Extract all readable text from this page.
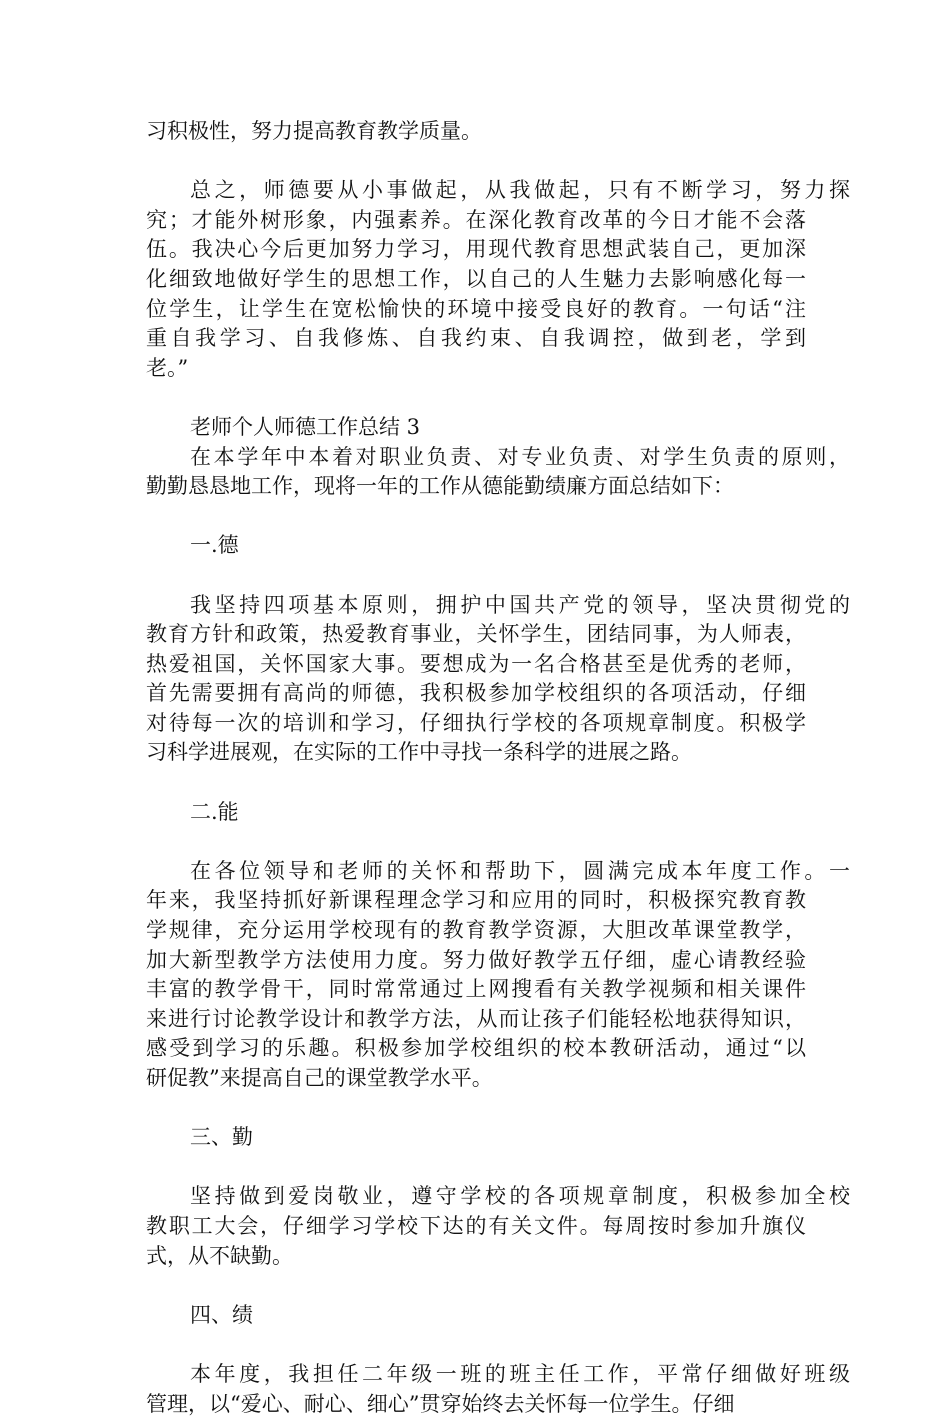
习积极性，努力提高教育教学质量。
总之，师德要从小事做起，从我做起，只有不断学习，努力探
究；才能外树形象，内强素养。在深化教育改革的今日才能不会落
伍。我决心今后更加努力学习，用现代教育思想武装自己，更加深
化细致地做好学生的思想工作，以自己的人生魅力去影响感化每一
位学生，让学生在宽松愉快的环境中接受良好的教育。一句话“注
重自我学习、自我修炼、自我约束、自我调控，做到老，学到
老。”
老师个人师德工作总结 3
在本学年中本着对职业负责、对专业负责、对学生负责的原则，
勤勤恳恳地工作，现将一年的工作从德能勤绩廉方面总结如下：
一.德
我坚持四项基本原则，拥护中国共产党的领导，坚决贯彻党的
教育方针和政策，热爱教育事业，关怀学生，团结同事，为人师表，
热爱祖国，关怀国家大事。要想成为一名合格甚至是优秀的老师，
首先需要拥有高尚的师德，我积极参加学校组织的各项活动，仔细
对待每一次的培训和学习，仔细执行学校的各项规章制度。积极学
习科学进展观，在实际的工作中寻找一条科学的进展之路。
二.能
在各位领导和老师的关怀和帮助下，圆满完成本年度工作。一
年来，我坚持抓好新课程理念学习和应用的同时，积极探究教育教
学规律，充分运用学校现有的教育教学资源，大胆改革课堂教学，
加大新型教学方法使用力度。努力做好教学五仔细，虚心请教经验
丰富的教学骨干，同时常常通过上网搜看有关教学视频和相关课件
来进行讨论教学设计和教学方法，从而让孩子们能轻松地获得知识，
感受到学习的乐趣。积极参加学校组织的校本教研活动，通过“以
研促教”来提高自己的课堂教学水平。
三、勤
坚持做到爱岗敬业，遵守学校的各项规章制度，积极参加全校
教职工大会，仔细学习学校下达的有关文件。每周按时参加升旗仪
式，从不缺勤。
四、绩
本年度，我担任二年级一班的班主任工作，平常仔细做好班级
管理，以“爱心、耐心、细心”贯穿始终去关怀每一位学生。仔细
